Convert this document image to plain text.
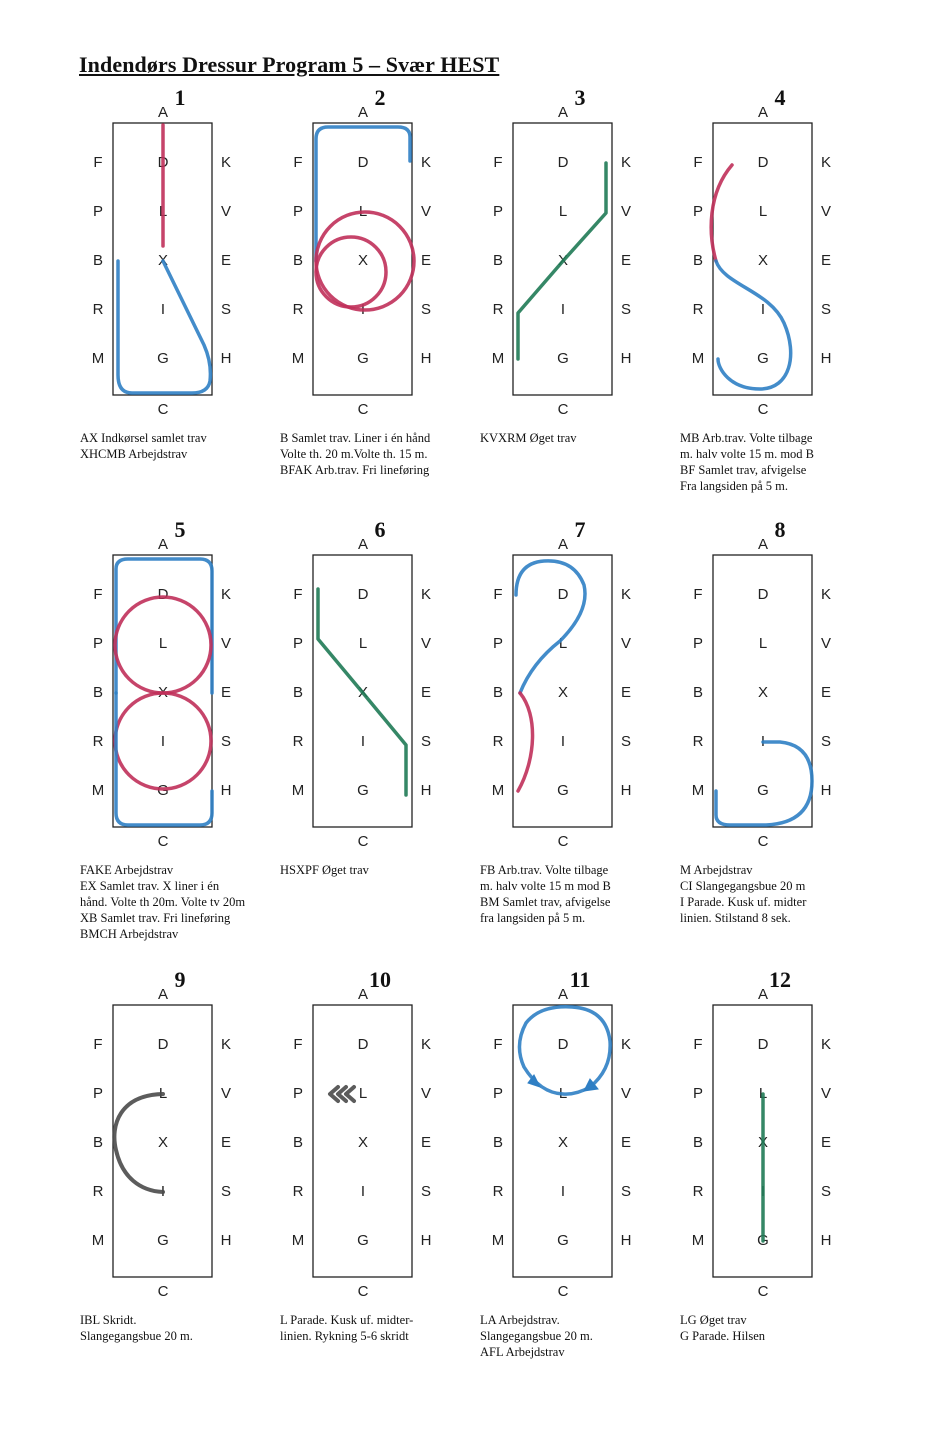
Indendørs Dressur Program 5 – Svær HEST
1
A
C
F	D	K
P	L	V
B	X	E
R	I	S
M	G	H
AX Indkørsel samlet trav
XHCMB Arbejdstrav
2
A
C
F	D	K
P	L	V
B	X	E
R	I	S
M	G	H
B Samlet trav. Liner i én hånd
Volte th. 20 m.Volte th. 15 m.
BFAK Arb.trav. Fri lineføring
3
A
C
F	D	K
P	L	V
B	X	E
R	I	S
M	G	H
KVXRM Øget trav
4
A
C
F	D	K
P	L	V
B	X	E
R	I	S
M	G	H
MB Arb.trav. Volte tilbage
m. halv volte 15 m. mod B
BF Samlet trav, afvigelse
Fra langsiden på 5 m.
5
A
C
F	D	K
P	L	V
B	X	E
R	I	S
M	G	H
FAKE Arbejdstrav
EX Samlet trav. X liner i én
hånd. Volte th 20m. Volte tv 20m
XB Samlet trav. Fri lineføring
BMCH Arbejdstrav
6
A
C
F	D	K
P	L	V
B	X	E
R	I	S
M	G	H
HSXPF Øget trav
7
A
C
F	D	K
P	L	V
B	X	E
R	I	S
M	G	H
FB Arb.trav. Volte tilbage
m. halv volte 15 m mod B
BM Samlet trav, afvigelse
fra langsiden på 5 m.
8
A
C
F	D	K
P	L	V
B	X	E
R	I	S
M	G	H
M Arbejdstrav
CI Slangegangsbue 20 m
I Parade. Kusk uf. midter
linien. Stilstand 8 sek.
9
A
C
F	D	K
P	L	V
B	X	E
R	I	S
M	G	H
IBL Skridt.
Slangegangsbue 20 m.
10
A
C
F	D	K
P	L	V
B	X	E
R	I	S
M	G	H
L Parade. Kusk uf. midter-
linien. Rykning 5-6 skridt
11
A
C
F	D	K
P	L	V
B	X	E
R	I	S
M	G	H
LA Arbejdstrav.
Slangegangsbue 20 m.
AFL Arbejdstrav
12
A
C
F	D	K
P	L	V
B	X	E
R	I	S
M	G	H
LG Øget trav
G Parade. Hilsen
